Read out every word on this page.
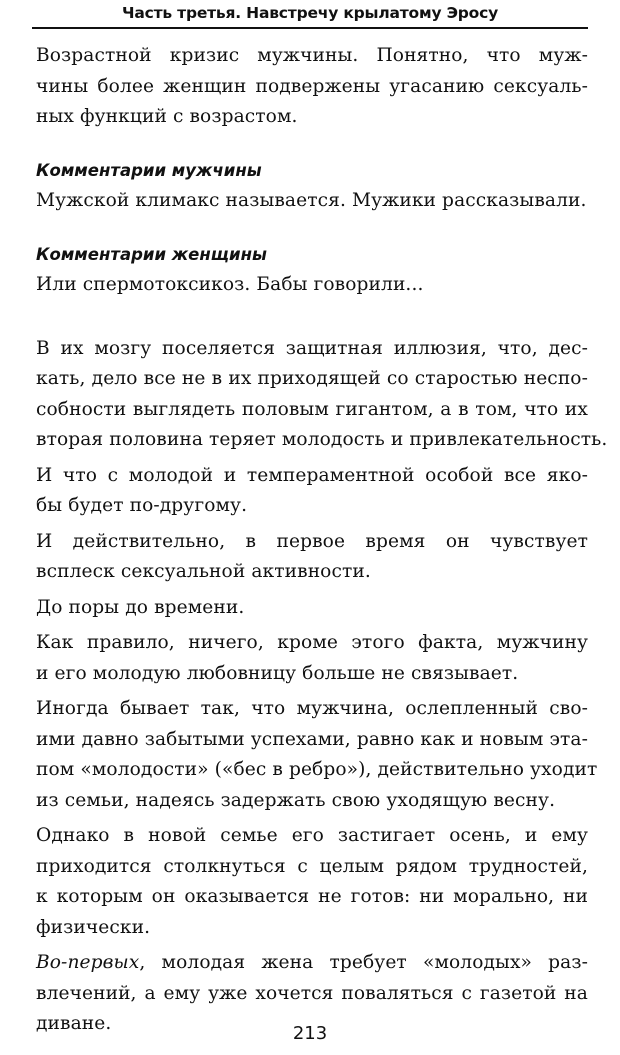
Часть третья. Навстречу крылатому Эросу
Возрастной кризис мужчины. Понятно, что муж-
чины более женщин подвержены угасанию сексуаль-
ных функций с возрастом.
Комментарии мужчины
Мужской климакс называется. Мужики рассказывали.
Комментарии женщины
Или спермотоксикоз. Бабы говорили...
В их мозгу поселяется защитная иллюзия, что, дес-
кать, дело все не в их приходящей со старостью неспо-
собности выглядеть половым гигантом, а в том, что их
вторая половина теряет молодость и привлекательность.
И что с молодой и темпераментной особой все яко-
бы будет по-другому.
И действительно, в первое время он чувствует
всплеск сексуальной активности.
До поры до времени.
Как правило, ничего, кроме этого факта, мужчину
и его молодую любовницу больше не связывает.
Иногда бывает так, что мужчина, ослепленный сво-
ими давно забытыми успехами, равно как и новым эта-
пом «молодости» («бес в ребро»), действительно уходит
из семьи, надеясь задержать свою уходящую весну.
Однако в новой семье его застигает осень, и ему
приходится столкнуться с целым рядом трудностей,
к которым он оказывается не готов: ни морально, ни
физически.
Во-первых, молодая жена требует «молодых» раз-
влечений, а ему уже хочется поваляться с газетой на
диване.	213
